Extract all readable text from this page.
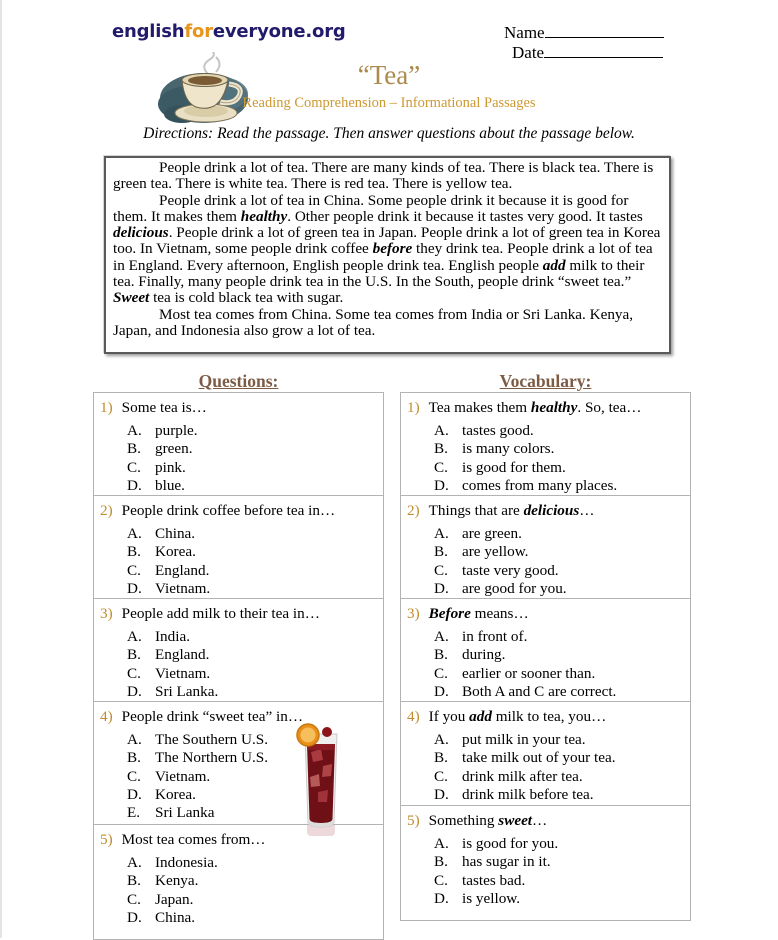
englishforeveryone.org	Name
Date
“Tea”
Reading Comprehension – Informational Passages
Directions: Read the passage. Then answer questions about the passage below.

People drink a lot of tea. There are many kinds of tea. There is black tea. There is green tea. There is white tea. There is red tea. There is yellow tea.

People drink a lot of tea in China. Some people drink it because it is good for them. It makes them healthy. Other people drink it because it tastes very good. It tastes delicious. People drink a lot of green tea in Japan. People drink a lot of green tea in Korea too. In Vietnam, some people drink coffee before they drink tea. People drink a lot of tea in England. Every afternoon, English people drink tea. English people add milk to their tea. Finally, many people drink tea in the U.S. In the South, people drink “sweet tea.” Sweet tea is cold black tea with sugar.

Most tea comes from China. Some tea comes from India or Sri Lanka. Kenya, Japan, and Indonesia also grow a lot of tea.

Questions:
1) Some tea is…
A. purple.
B. green.
C. pink.
D. blue.
2) People drink coffee before tea in…
A. China.
B. Korea.
C. England.
D. Vietnam.
3) People add milk to their tea in…
A. India.
B. England.
C. Vietnam.
D. Sri Lanka.
4) People drink “sweet tea” in…
A. The Southern U.S.
B. The Northern U.S.
C. Vietnam.
D. Korea.
E. Sri Lanka
5) Most tea comes from…
A. Indonesia.
B. Kenya.
C. Japan.
D. China.
Vocabulary:
1) Tea makes them healthy. So, tea…
A. tastes good.
B. is many colors.
C. is good for them.
D. comes from many places.
2) Things that are delicious…
A. are green.
B. are yellow.
C. taste very good.
D. are good for you.
3) Before means…
A. in front of.
B. during.
C. earlier or sooner than.
D. Both A and C are correct.
4) If you add milk to tea, you…
A. put milk in your tea.
B. take milk out of your tea.
C. drink milk after tea.
D. drink milk before tea.
5) Something sweet…
A. is good for you.
B. has sugar in it.
C. tastes bad.
D. is yellow.
